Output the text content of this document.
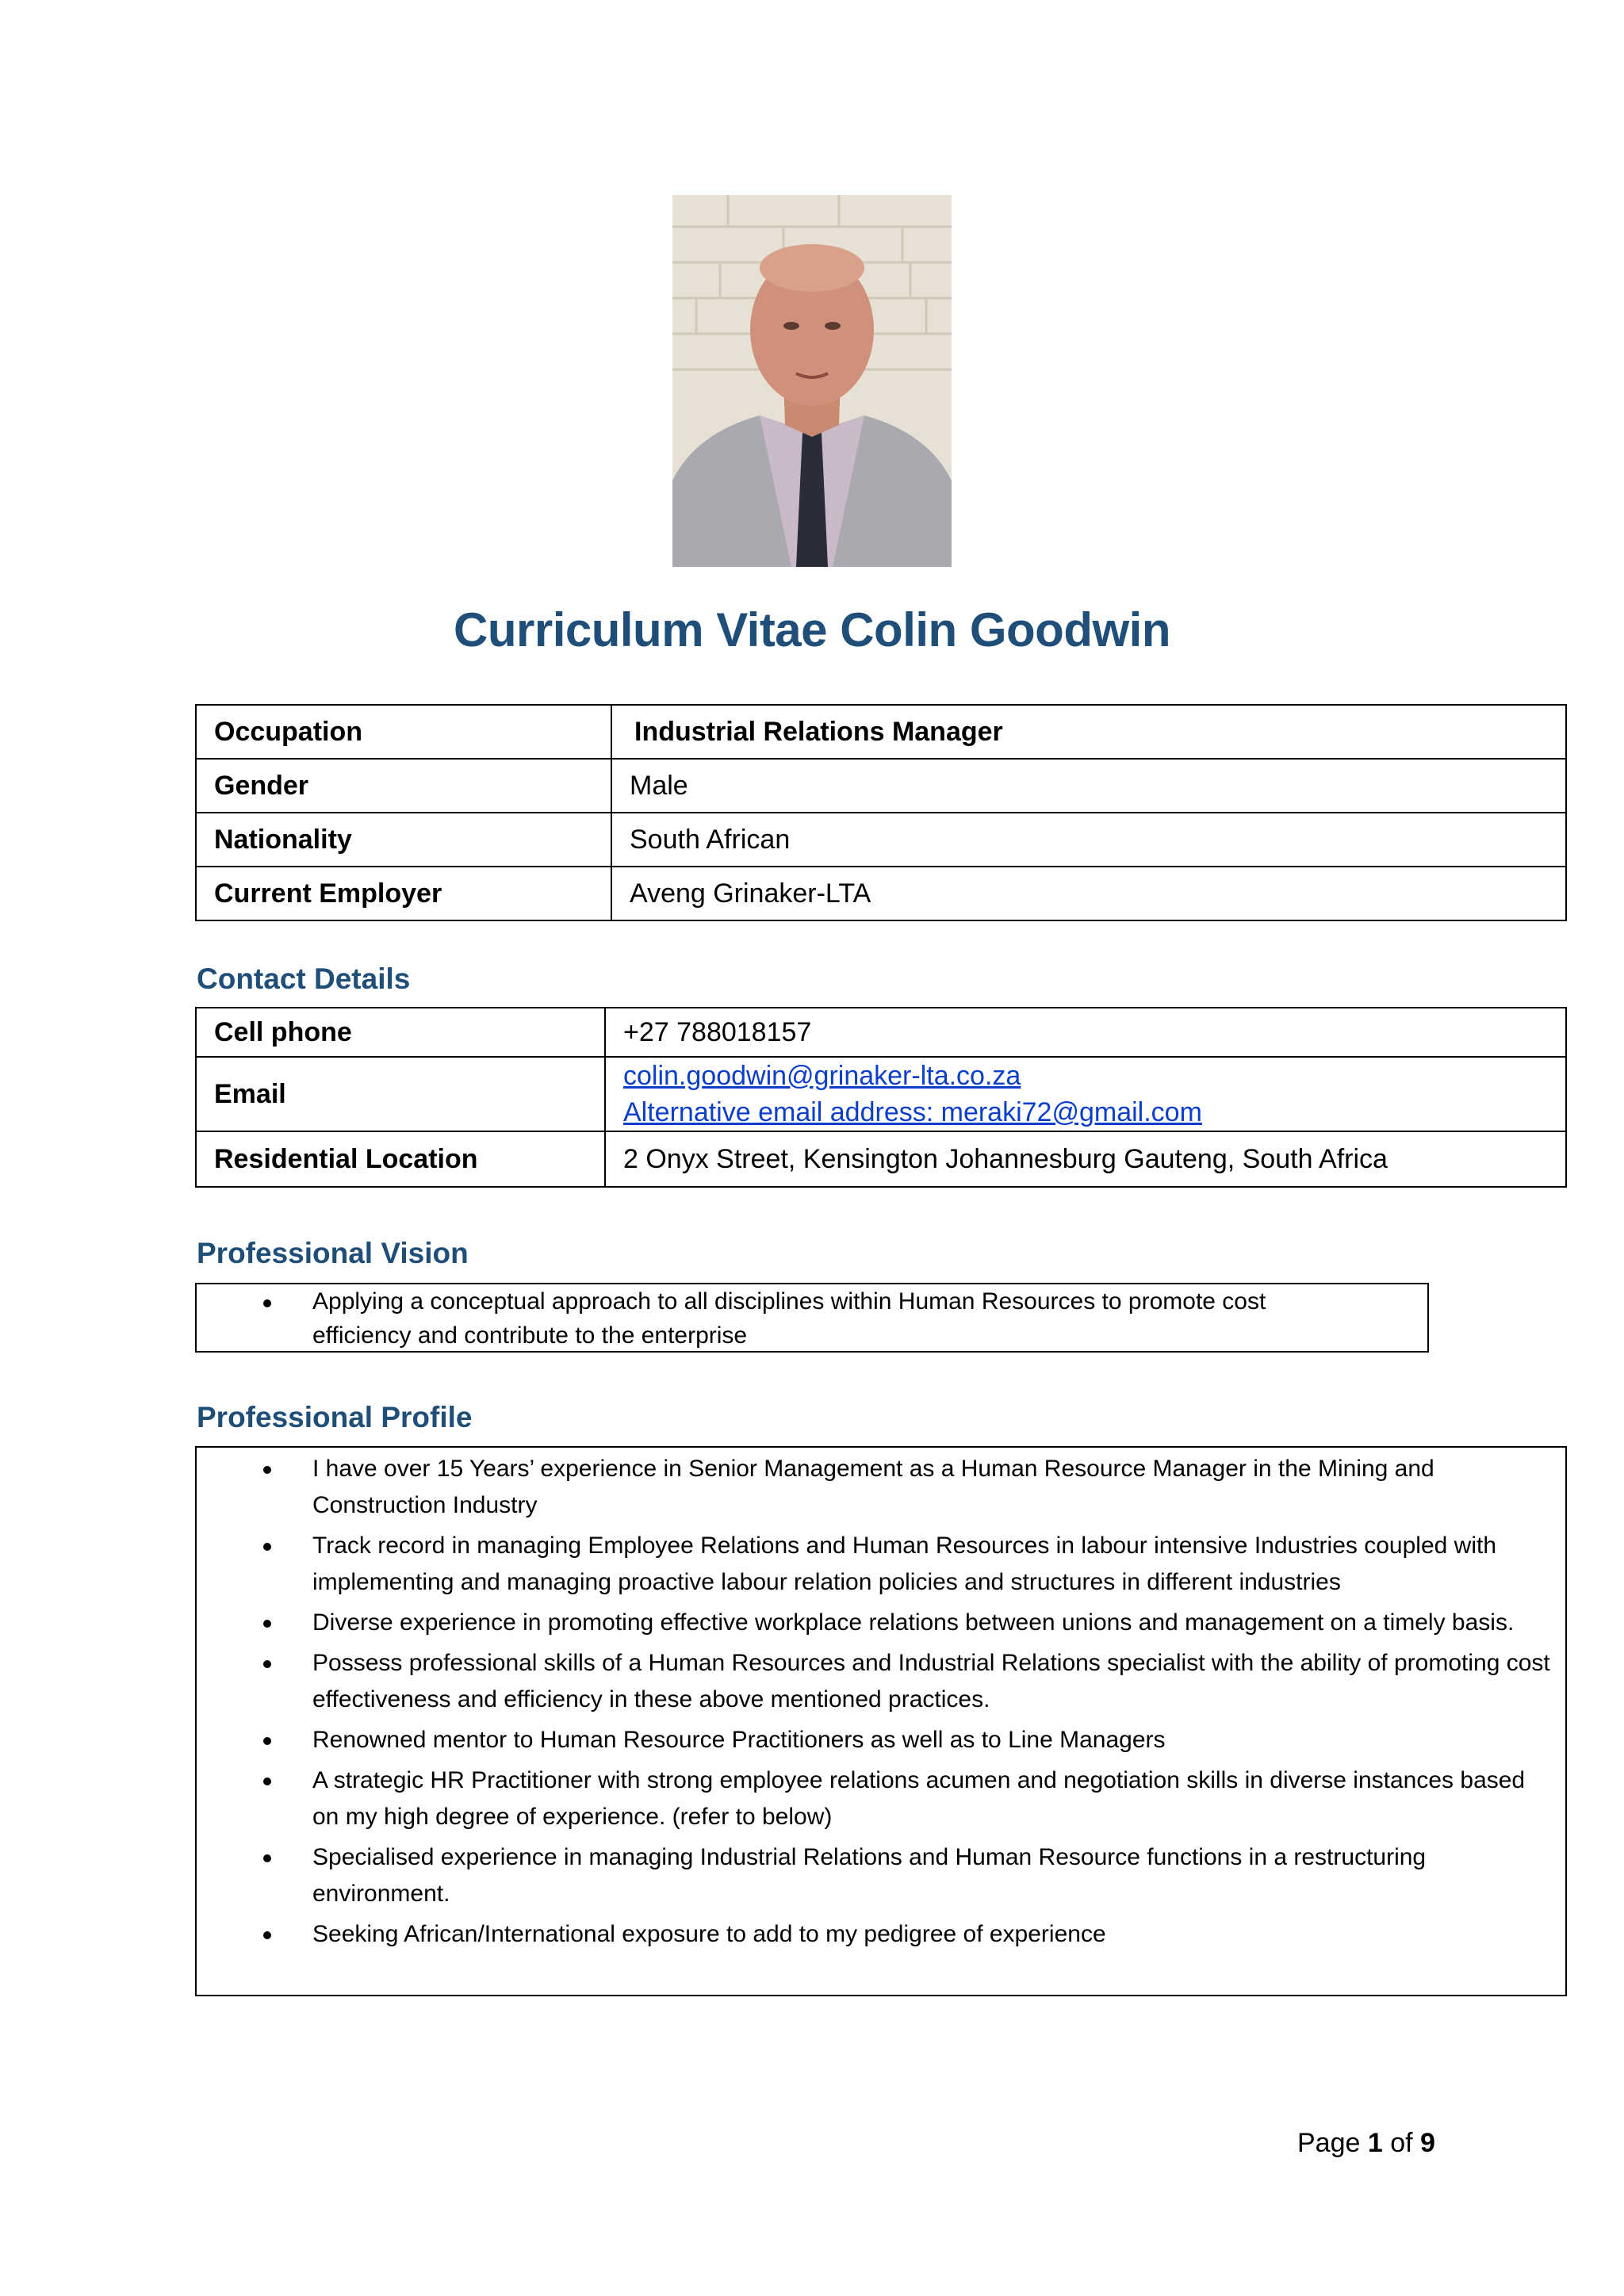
Curriculum Vitae Colin Goodwin
Occupation	Industrial Relations Manager
Gender	Male
Nationality	South African
Current Employer	Aveng Grinaker-LTA
Contact Details
Cell phone	+27 788018157
Email	colin.goodwin@grinaker-lta.co.za
Alternative email address: meraki72@gmail.com

Residential Location	2 Onyx Street, Kensington Johannesburg Gauteng, South Africa
Professional Vision
Applying a conceptual approach to all disciplines within Human Resources to promote cost efficiency and contribute to the enterprise
Professional Profile
I have over 15 Years’ experience in Senior Management as a Human Resource Manager in the Mining and Construction Industry
Track record in managing Employee Relations and Human Resources in labour intensive Industries coupled with implementing and managing proactive labour relation policies and structures in different industries
Diverse experience in promoting effective workplace relations between unions and management on a timely basis.
Possess professional skills of a Human Resources and Industrial Relations specialist with the ability of promoting cost effectiveness and efficiency in these above mentioned practices.
Renowned mentor to Human Resource Practitioners as well as to Line Managers
A strategic HR Practitioner with strong employee relations acumen and negotiation skills in diverse instances based on my high degree of experience. (refer to below)
Specialised experience in managing Industrial Relations and Human Resource functions in a restructuring environment.
Seeking African/International exposure to add to my pedigree of experience
Page 1 of 9
